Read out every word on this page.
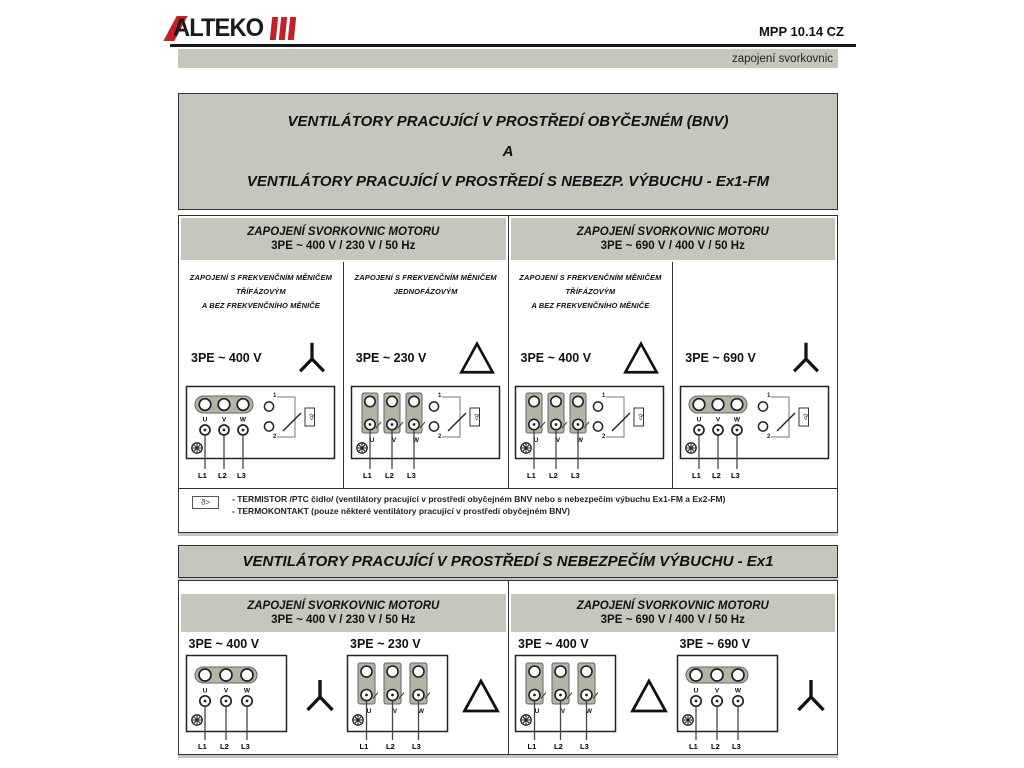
ALTEKO	MPP 10.14 CZ
zapojení svorkovnic
VENTILÁTORY PRACUJÍCÍ V PROSTŘEDÍ OBYČEJNÉM (BNV)
A
VENTILÁTORY PRACUJÍCÍ V PROSTŘEDÍ S NEBEZP. VÝBUCHU - Ex1-FM
ZAPOJENÍ SVORKOVNIC MOTORU
3PE ~ 400 V / 230 V / 50 Hz
ZAPOJENÍ SVORKOVNIC MOTORU
3PE ~ 690 V / 400 V / 50 Hz
ZAPOJENÍ S FREKVENČNÍM MĚNIČEM
TŘÍFÁZOVÝM
A BEZ FREKVENČNÍHO MĚNIČE
3PE ~ 400 V
U V W
1
2
ϑ>
L1 L2 L3
ZAPOJENÍ S FREKVENČNÍM MĚNIČEM
JEDNOFÁZOVÝM
3PE ~ 230 V
U	V	W
1
2
ϑ>
L1 L2 L3
ZAPOJENÍ S FREKVENČNÍM MĚNIČEM
TŘÍFÁZOVÝM
A BEZ FREKVENČNÍHO MĚNIČE
3PE ~ 400 V
U	V	W
1
2
ϑ>
L1 L2 L3
3PE ~ 690 V
U V W
1
2
ϑ>
L1 L2 L3
ϑ>	- TERMISTOR /PTC čidlo/ (ventilátory pracující v prostředí obyčejném BNV nebo s nebezpečím výbuchu Ex1-FM a Ex2-FM)
- TERMOKONTAKT (pouze některé ventilátory pracující v prostředí obyčejném BNV)
VENTILÁTORY PRACUJÍCÍ V PROSTŘEDÍ S NEBEZPEČÍM VÝBUCHU - Ex1
ZAPOJENÍ SVORKOVNIC MOTORU
3PE ~ 400 V / 230 V / 50 Hz
3PE ~ 400 V
U	V W
L1 L2 L3
3PE ~ 230 V
U	V	W
L1 L2 L3
ZAPOJENÍ SVORKOVNIC MOTORU
3PE ~ 690 V / 400 V / 50 Hz
3PE ~ 400 V
U	V	W
L1 L2 L3
3PE ~ 690 V
U	V W
L1 L2 L3
